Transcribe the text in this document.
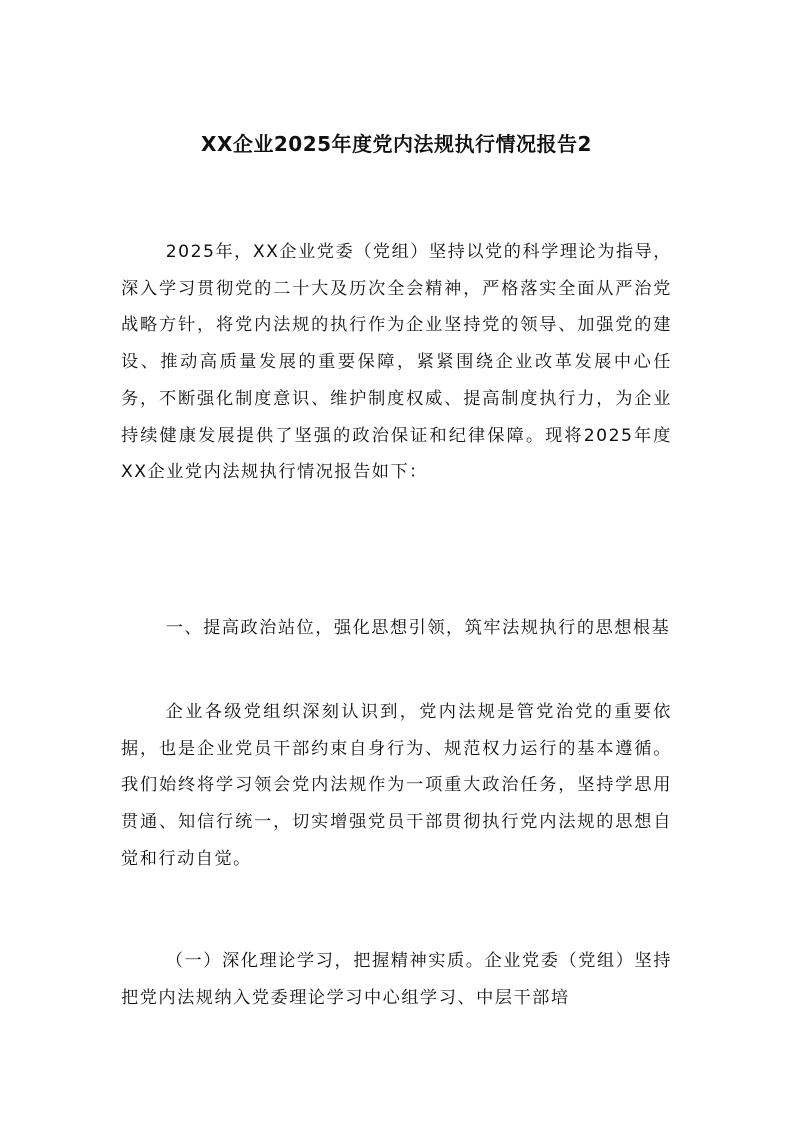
XX企业2025年度党内法规执行情况报告2

2025年，XX企业党委（党组）坚持以党的科学理论为指导，深入学习贯彻党的二十大及历次全会精神，严格落实全面从严治党战略方针，将党内法规的执行作为企业坚持党的领导、加强党的建设、推动高质量发展的重要保障，紧紧围绕企业改革发展中心任务，不断强化制度意识、维护制度权威、提高制度执行力，为企业持续健康发展提供了坚强的政治保证和纪律保障。现将2025年度XX企业党内法规执行情况报告如下：

一、提高政治站位，强化思想引领，筑牢法规执行的思想根基

企业各级党组织深刻认识到，党内法规是管党治党的重要依据，也是企业党员干部约束自身行为、规范权力运行的基本遵循。我们始终将学习领会党内法规作为一项重大政治任务，坚持学思用贯通、知信行统一，切实增强党员干部贯彻执行党内法规的思想自觉和行动自觉。

（一）深化理论学习，把握精神实质。企业党委（党组）坚持把党内法规纳入党委理论学习中心组学习、中层干部培
